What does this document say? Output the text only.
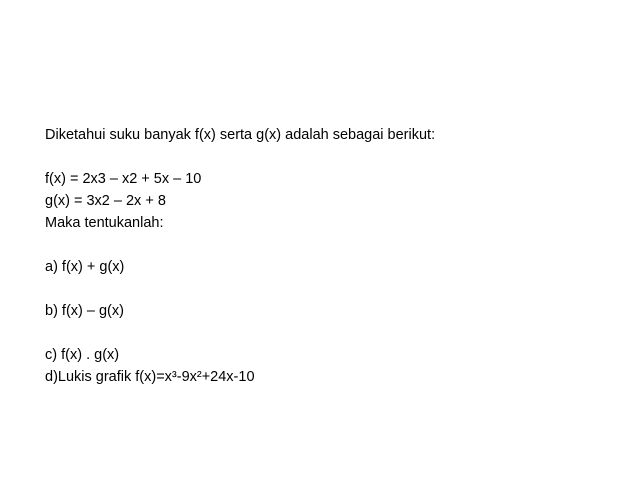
Diketahui suku banyak f(x) serta g(x) adalah sebagai berikut:
f(x) = 2x3 – x2 + 5x – 10
g(x) = 3x2 – 2x + 8
Maka tentukanlah:
a) f(x) + g(x)
b) f(x) – g(x)
c) f(x) . g(x)
d)Lukis grafik f(x)=x³-9x²+24x-10
